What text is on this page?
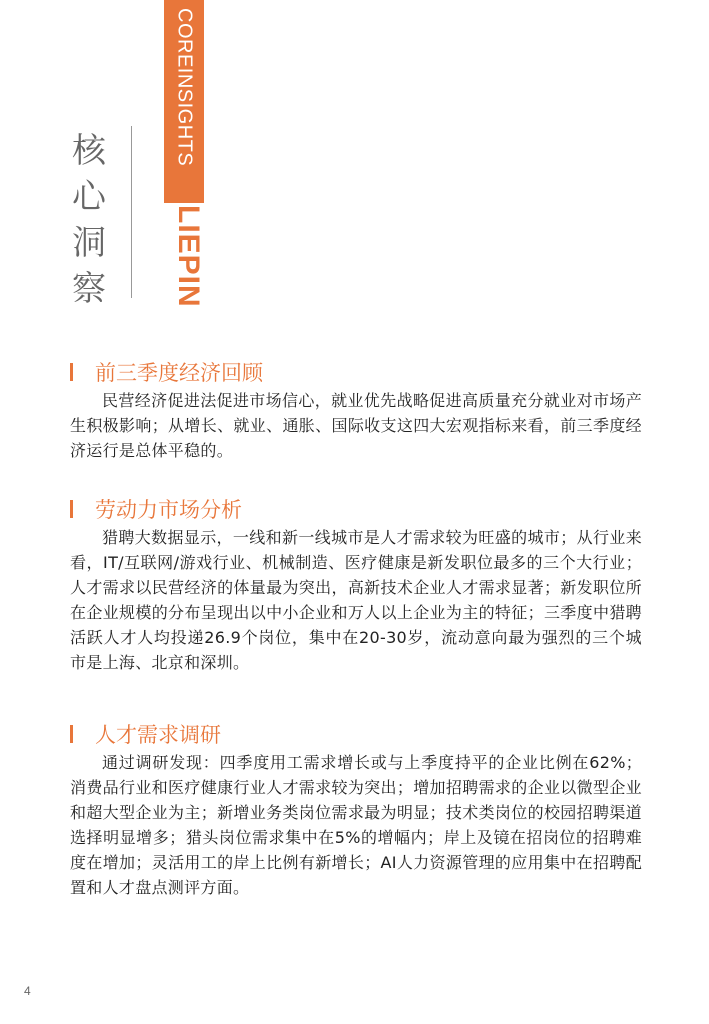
核
心
洞
察
COREINSIGHTS
LIEPIN
前三季度经济回顾
民营经济促进法促进市场信心，就业优先战略促进高质量充分就业对市场产生积极影响；从增长、就业、通胀、国际收支这四大宏观指标来看，前三季度经济运行是总体平稳的。
劳动力市场分析
猎聘大数据显示，一线和新一线城市是人才需求较为旺盛的城市；从行业来看，IT/互联网/游戏行业、机械制造、医疗健康是新发职位最多的三个大行业；人才需求以民营经济的体量最为突出，高新技术企业人才需求显著；新发职位所在企业规模的分布呈现出以中小企业和万人以上企业为主的特征；三季度中猎聘活跃人才人均投递26.9个岗位，集中在20-30岁，流动意向最为强烈的三个城市是上海、北京和深圳。
人才需求调研
通过调研发现：四季度用工需求增长或与上季度持平的企业比例在62%；消费品行业和医疗健康行业人才需求较为突出；增加招聘需求的企业以微型企业和超大型企业为主；新增业务类岗位需求最为明显；技术类岗位的校园招聘渠道选择明显增多；猎头岗位需求集中在5%的增幅内；岸上及镜在招岗位的招聘难度在增加；灵活用工的岸上比例有新增长；AI人力资源管理的应用集中在招聘配置和人才盘点测评方面。
4
